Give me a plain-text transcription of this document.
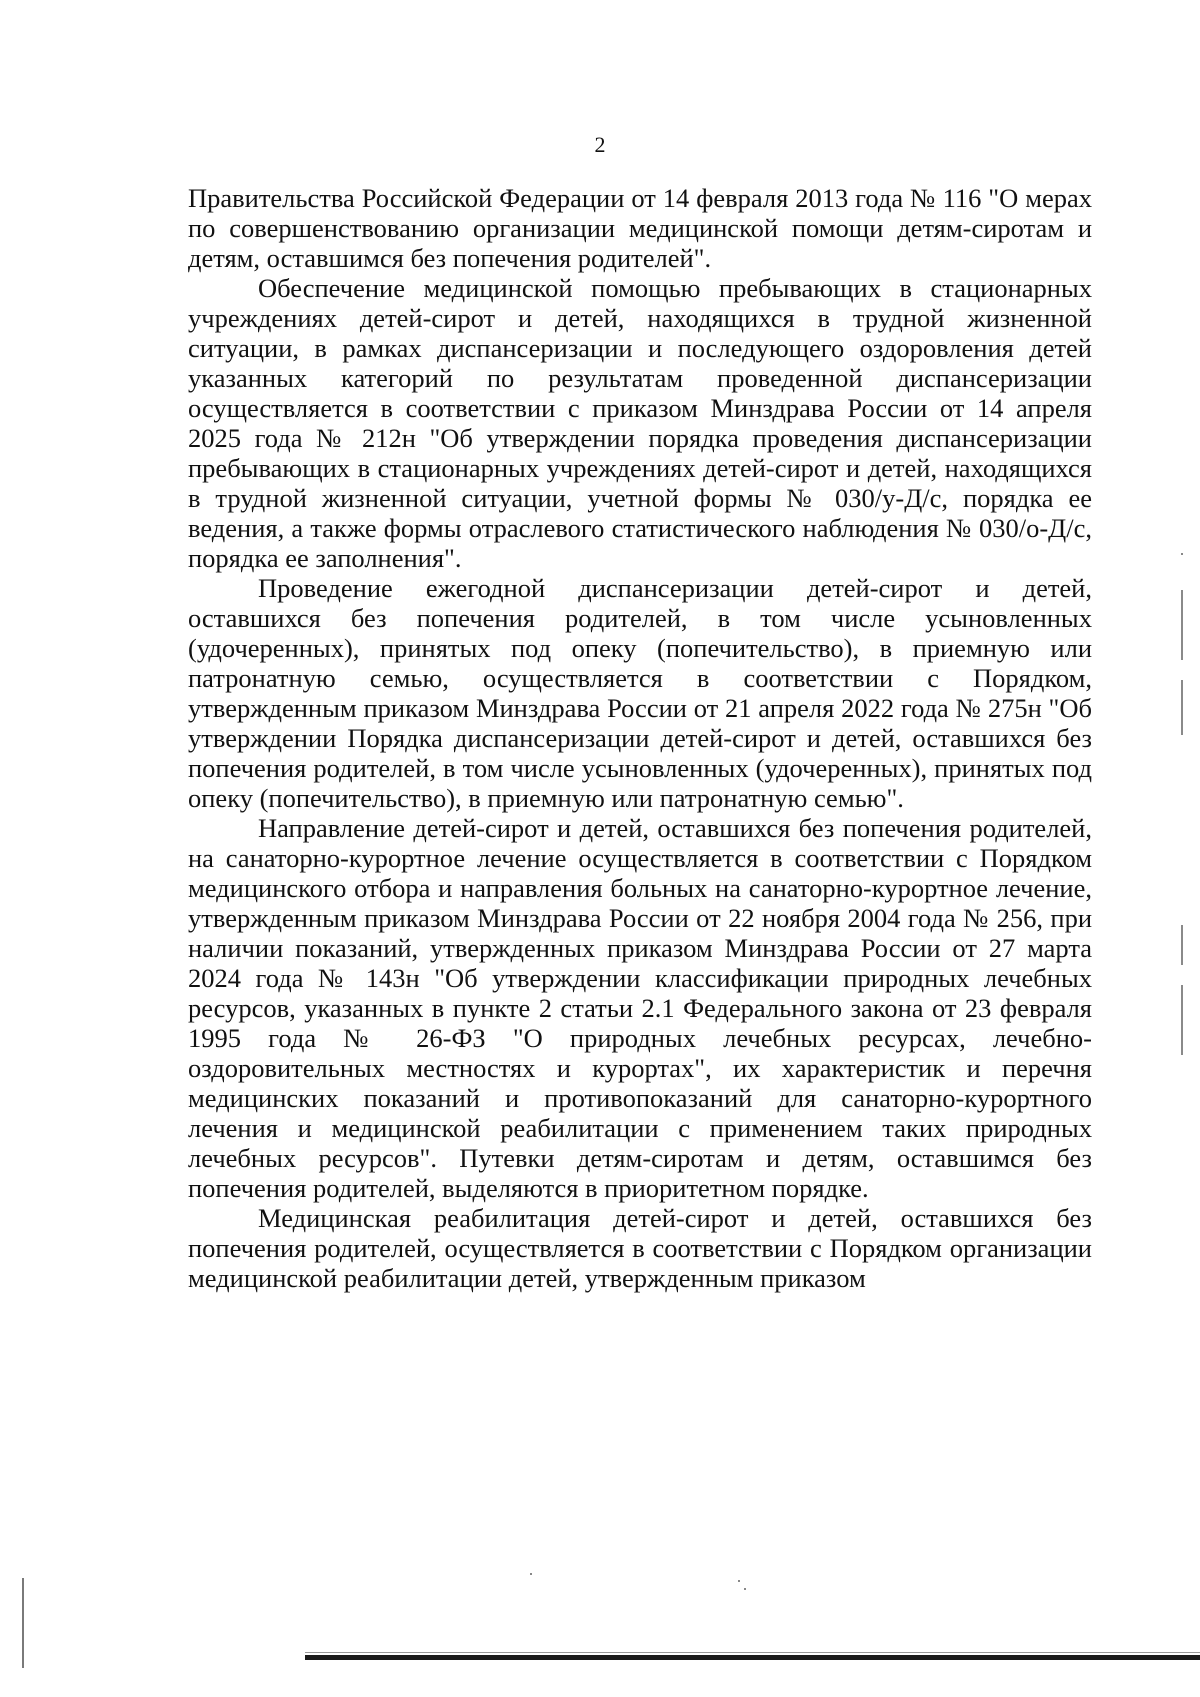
2

Правительства Российской Федерации от 14 февраля 2013 года № 116 "О мерах по совершенствованию организации медицинской помощи детям-сиротам и детям, оставшимся без попечения родителей".

Обеспечение медицинской помощью пребывающих в стационарных учреждениях детей-сирот и детей, находящихся в трудной жизненной ситуации, в рамках диспансеризации и последующего оздоровления детей указанных категорий по результатам проведенной диспансеризации осуществляется в соответствии с приказом Минздрава России от 14 апреля 2025 года № 212н "Об утверждении порядка проведения диспансеризации пребывающих в стационарных учреждениях детей-сирот и детей, находящихся в трудной жизненной ситуации, учетной формы № 030/у-Д/с, порядка ее ведения, а также формы отраслевого статистического наблюдения № 030/о-Д/с, порядка ее заполнения".

Проведение ежегодной диспансеризации детей-сирот и детей, оставшихся без попечения родителей, в том числе усыновленных (удочеренных), принятых под опеку (попечительство), в приемную или патронатную семью, осуществляется в соответствии с Порядком, утвержденным приказом Минздрава России от 21 апреля 2022 года № 275н "Об утверждении Порядка диспансеризации детей-сирот и детей, оставшихся без попечения родителей, в том числе усыновленных (удочеренных), принятых под опеку (попечительство), в приемную или патронатную семью".

Направление детей-сирот и детей, оставшихся без попечения родителей, на санаторно-курортное лечение осуществляется в соответствии с Порядком медицинского отбора и направления больных на санаторно-курортное лечение, утвержденным приказом Минздрава России от 22 ноября 2004 года № 256, при наличии показаний, утвержденных приказом Минздрава России от 27 марта 2024 года № 143н "Об утверждении классификации природных лечебных ресурсов, указанных в пункте 2 статьи 2.1 Федерального закона от 23 февраля 1995 года № 26-ФЗ "О природных лечебных ресурсах, лечебно-оздоровительных местностях и курортах", их характеристик и перечня медицинских показаний и противопоказаний для санаторно-курортного лечения и медицинской реабилитации с применением таких природных лечебных ресурсов". Путевки детям-сиротам и детям, оставшимся без попечения родителей, выделяются в приоритетном порядке.

Медицинская реабилитация детей-сирот и детей, оставшихся без попечения родителей, осуществляется в соответствии с Порядком организации медицинской реабилитации детей, утвержденным приказом
